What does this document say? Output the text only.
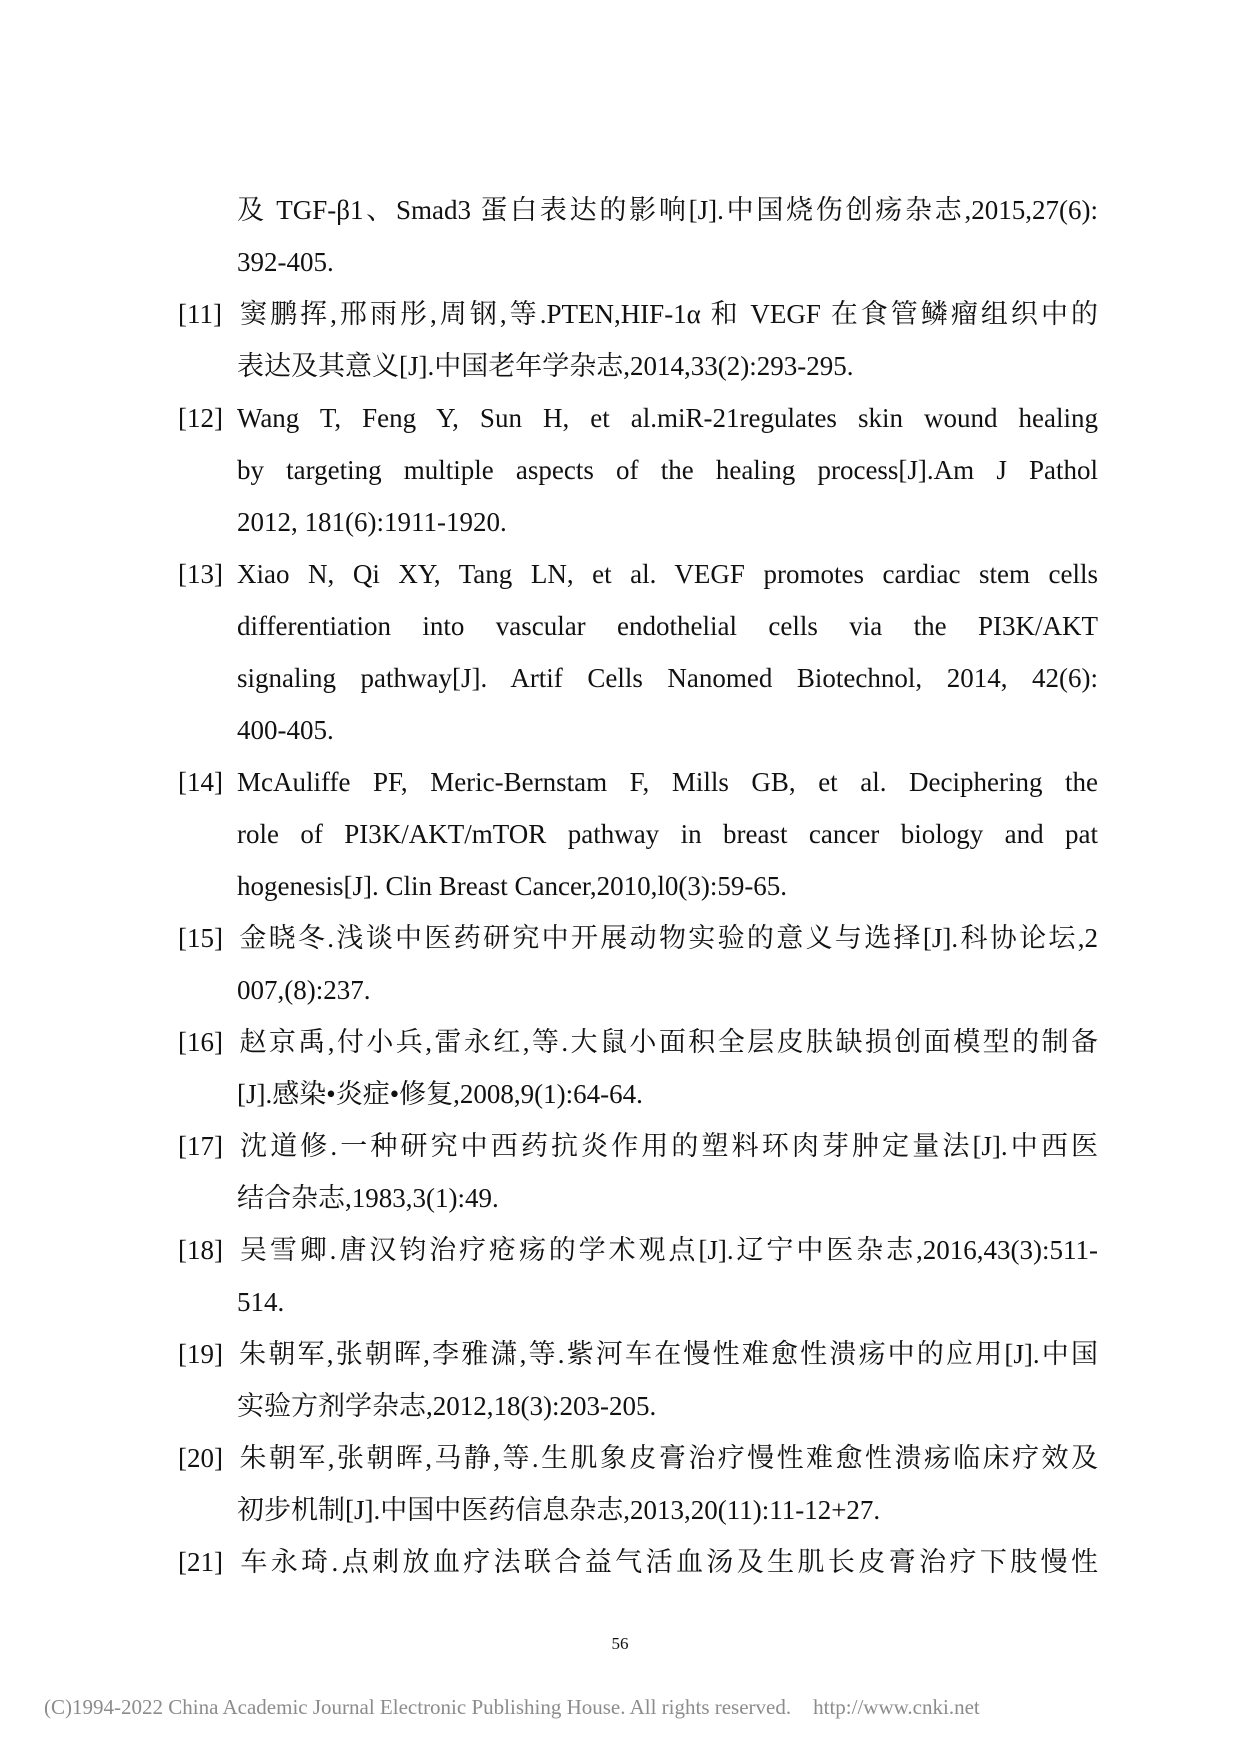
及 TGF-β1、Smad3 蛋白表达的影响[J].中国烧伤创疡杂志,2015,27(6):
392-405.
[11] 窦鹏挥,邢雨彤,周钢,等.PTEN,HIF-1α 和 VEGF 在食管鳞瘤组织中的
表达及其意义[J].中国老年学杂志,2014,33(2):293-295.
[12] Wang T, Feng Y, Sun H, et al.miR-21regulates skin wound healing
by targeting multiple aspects of the healing process[J].Am J Pathol
2012, 181(6):1911-1920.
[13] Xiao N, Qi XY, Tang LN, et al. VEGF promotes cardiac stem cells
differentiation into vascular endothelial cells via the PI3K/AKT
signaling pathway[J]. Artif Cells Nanomed Biotechnol, 2014, 42(6):
400-405.
[14] McAuliffe PF, Meric-Bernstam F, Mills GB, et al. Deciphering the
role of PI3K/AKT/mTOR pathway in breast cancer biology and pat
hogenesis[J]. Clin Breast Cancer,2010,l0(3):59-65.
[15] 金晓冬.浅谈中医药研究中开展动物实验的意义与选择[J].科协论坛,2
007,(8):237.
[16] 赵京禹,付小兵,雷永红,等.大鼠小面积全层皮肤缺损创面模型的制备
[J].感染•炎症•修复,2008,9(1):64-64.
[17] 沈道修.一种研究中西药抗炎作用的塑料环肉芽肿定量法[J].中西医
结合杂志,1983,3(1):49.
[18] 吴雪卿.唐汉钧治疗疮疡的学术观点[J].辽宁中医杂志,2016,43(3):511-
514.
[19] 朱朝军,张朝晖,李雅潇,等.紫河车在慢性难愈性溃疡中的应用[J].中国
实验方剂学杂志,2012,18(3):203-205.
[20] 朱朝军,张朝晖,马静,等.生肌象皮膏治疗慢性难愈性溃疡临床疗效及
初步机制[J].中国中医药信息杂志,2013,20(11):11-12+27.
[21] 车永琦.点刺放血疗法联合益气活血汤及生肌长皮膏治疗下肢慢性
56
(C)1994-2022 China Academic Journal Electronic Publishing House. All rights reserved. http://www.cnki.net
